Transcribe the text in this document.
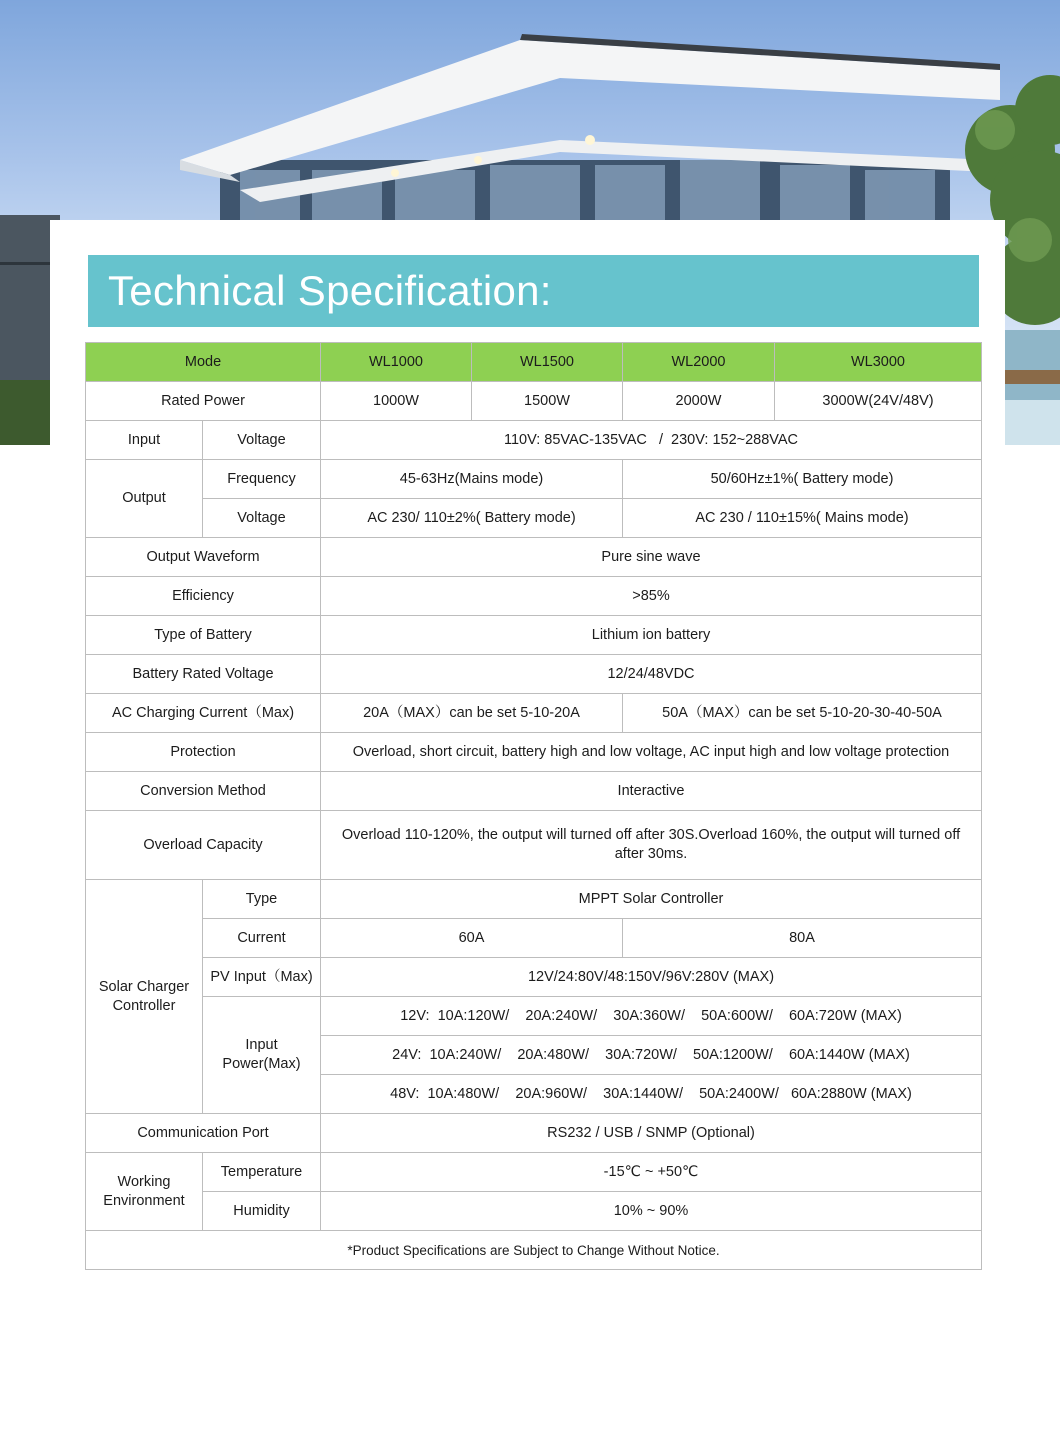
Technical Specification:
Mode		WL1000	WL1500	WL2000	WL3000
Rated Power		1000W	1500W	2000W	3000W(24V/48V)
Input	Voltage	110V: 85VAC-135VAC   /  230V: 152~288VAC			
Output	Frequency	45-63Hz(Mains mode)		50/60Hz±1%( Battery mode)	
	Voltage	AC 230/ 110±2%( Battery mode)		AC 230 / 110±15%( Mains mode)	
Output Waveform		Pure sine wave			
Efficiency		>85%			
Type of Battery		Lithium ion battery			
Battery Rated Voltage		12/24/48VDC			
AC Charging Current（Max)		20A（MAX）can be set 5-10-20A		50A（MAX）can be set 5-10-20-30-40-50A	
Protection		Overload, short circuit, battery high and low voltage, AC input high and low voltage protection			
Conversion Method		Interactive			
Overload Capacity		Overload 110-120%, the output will turned off after 30S.Overload 160%, the output will turned off after 30ms.			
Solar Charger Controller	Type	MPPT Solar Controller			
	Current	60A		80A	
	PV Input（Max)	12V/24:80V/48:150V/96V:280V (MAX)			
	Input Power(Max)	12V:  10A:120W/    20A:240W/    30A:360W/    50A:600W/    60A:720W (MAX)			
		24V:  10A:240W/    20A:480W/    30A:720W/    50A:1200W/    60A:1440W (MAX)			
		48V:  10A:480W/    20A:960W/    30A:1440W/    50A:2400W/   60A:2880W (MAX)			
Communication Port		RS232 / USB / SNMP (Optional)			
Working Environment	Temperature	-15℃ ~ +50℃			
	Humidity	10% ~ 90%			
*Product Specifications are Subject to Change Without Notice.					
